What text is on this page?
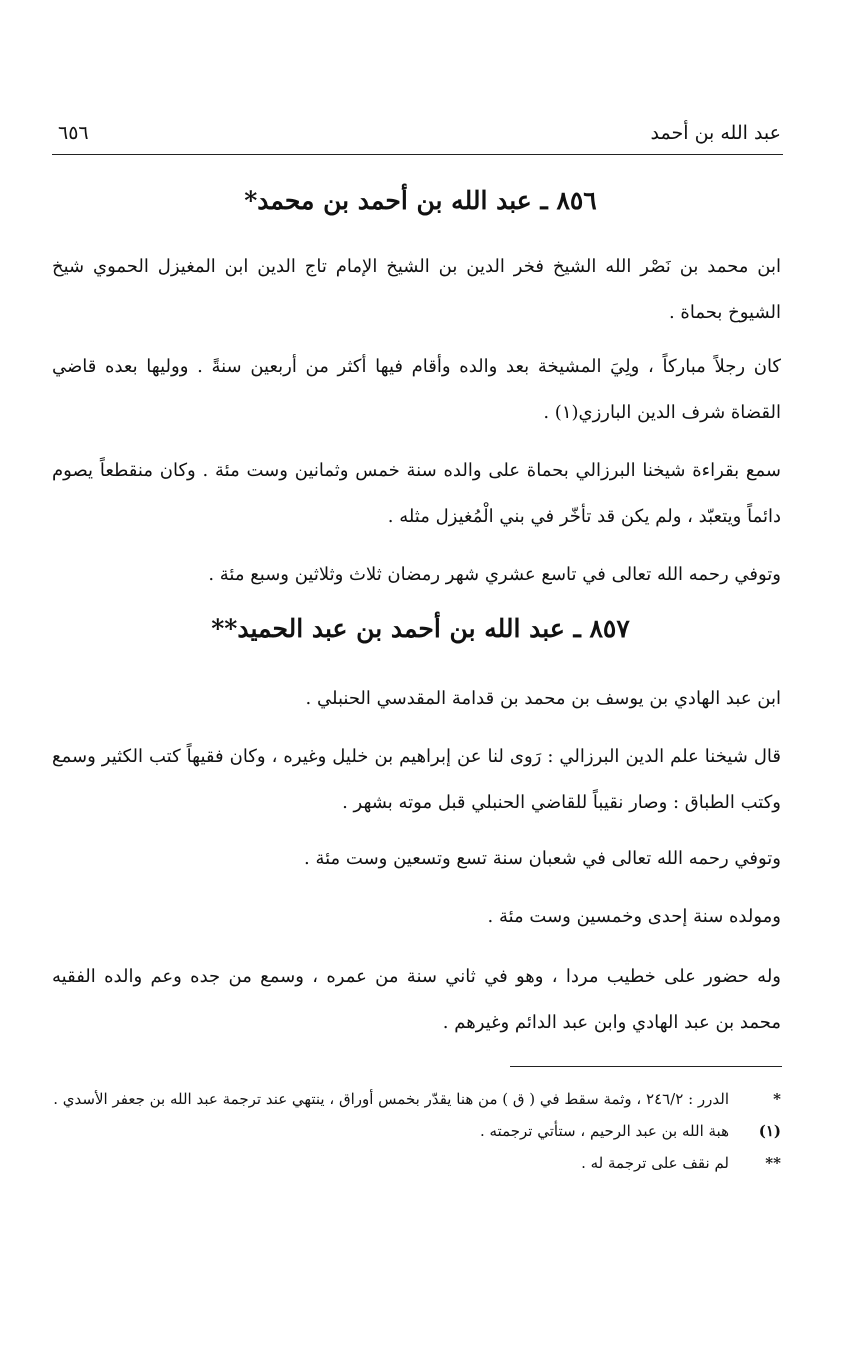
عبد الله بن أحمد
٦٥٦
٨٥٦ ـ عبد الله بن أحمد بن محمد*

ابن محمد بن نَصْر الله الشيخ فخر الدين بن الشيخ الإمام تاج الدين ابن المغيزل الحموي شيخ الشيوخ بحماة .

كان رجلاً مباركاً ، ولِيَ المشيخة بعد والده وأقام فيها أكثر من أربعين سنةً . ووليها بعده قاضي القضاة شرف الدين البارزي(١) .

سمع بقراءة شيخنا البرزالي بحماة على والده سنة خمس وثمانين وست مئة . وكان منقطعاً يصوم دائماً ويتعبّد ، ولم يكن قد تأخّر في بني الْمُغيزل مثله .

وتوفي رحمه الله تعالى في تاسع عشري شهر رمضان ثلاث وثلاثين وسبع مئة .

٨٥٧ ـ عبد الله بن أحمد بن عبد الحميد**

ابن عبد الهادي بن يوسف بن محمد بن قدامة المقدسي الحنبلي .

قال شيخنا علم الدين البرزالي : رَوى لنا عن إبراهيم بن خليل وغيره ، وكان فقيهاً كتب الكثير وسمع وكتب الطباق : وصار نقيباً للقاضي الحنبلي قبل موته بشهر .

وتوفي رحمه الله تعالى في شعبان سنة تسع وتسعين وست مئة .

ومولده سنة إحدى وخمسين وست مئة .

وله حضور على خطيب مردا ، وهو في ثاني سنة من عمره ، وسمع من جده وعم والده الفقيه محمد بن عبد الهادي وابن عبد الدائم وغيرهم .

*
الدرر : ٢٤٦/٢ ، وثمة سقط في ( ق ) من هنا يقدّر بخمس أوراق ، ينتهي عند ترجمة عبد الله بن جعفر الأسدي .
(١)
هبة الله بن عبد الرحيم ، ستأتي ترجمته .
**
لم نقف على ترجمة له .
